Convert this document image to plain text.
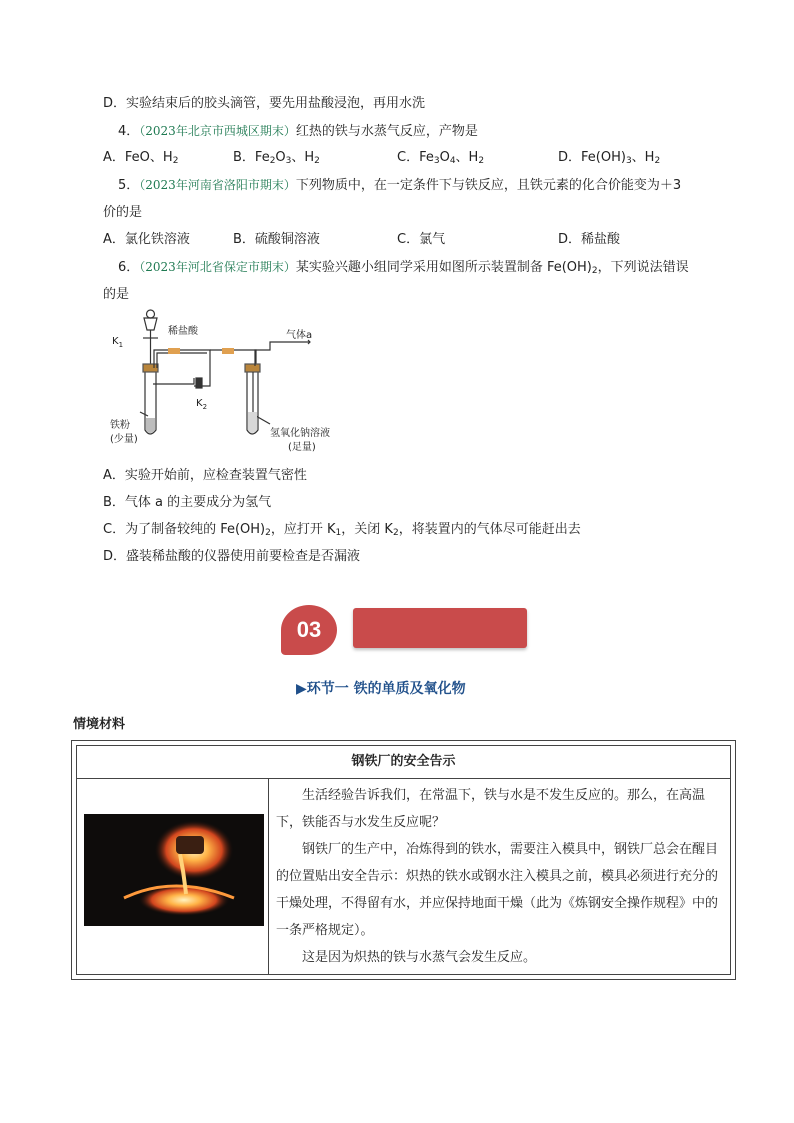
D．实验结束后的胶头滴管，要先用盐酸浸泡，再用水洗
4．（2023年北京市西城区期末）红热的铁与水蒸气反应，产物是
A．FeO、$H_2$	B．$Fe_2O_3$、$H_2$	C．$Fe_3O_4$、$H_2$	D．$Fe(OH)_3$、$H_2$
5．（2023年河南省洛阳市期末）下列物质中，在一定条件下与铁反应，且铁元素的化合价能变为＋3
价的是
A．氯化铁溶液	B．硫酸铜溶液	C．氯气	D．稀盐酸
6．（2023年河北省保定市期末）某实验兴趣小组同学采用如图所示装置制备 $Fe(OH)_2$，下列说法错误
的是
$K_1$
稀盐酸	气体a
$K_2$
铁粉
(少量)
氢氧化钠溶液
(足量)
A．实验开始前，应检查装置气密性
B．气体 a 的主要成分为氢气
C．为了制备较纯的 $Fe(OH)_2$，应打开 $K_1$，关闭 $K_2$，将装置内的气体尽可能赶出去
D．盛装稀盐酸的仪器使用前要检查是否漏液
03
▶环节一 铁的单质及氧化物
情境材料
钢铁厂的安全告示

生活经验告诉我们，在常温下，铁与水是不发生反应的。那么，在高温下，铁能否与水发生反应呢？

钢铁厂的生产中，冶炼得到的铁水，需要注入模具中，钢铁厂总会在醒目的位置贴出安全告示：炽热的铁水或钢水注入模具之前，模具必须进行充分的干燥处理，不得留有水，并应保持地面干燥（此为《炼钢安全操作规程》中的一条严格规定）。

这是因为炽热的铁与水蒸气会发生反应。
